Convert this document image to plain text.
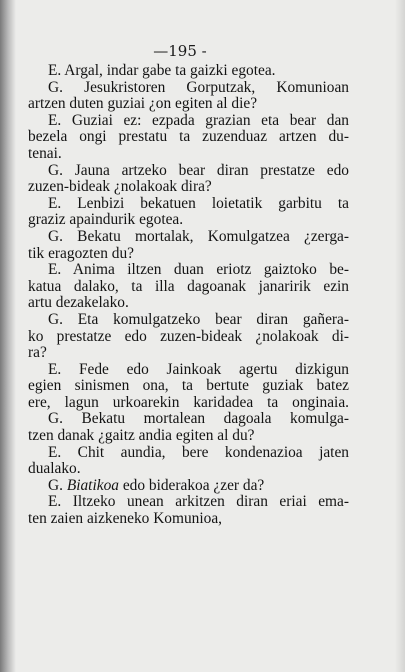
—195 -
E. Argal, indar gabe ta gaizki egotea.
G. Jesukristoren Gorputzak, Komunioan
artzen duten guziai ¿on egiten al die?
E. Guziai ez: ezpada grazian eta bear dan
bezela ongi prestatu ta zuzenduaz artzen du-
tenai.
G. Jauna artzeko bear diran prestatze edo
zuzen-bideak ¿nolakoak dira?
E. Lenbizi bekatuen loietatik garbitu ta
graziz apaindurik egotea.
G. Bekatu mortalak, Komulgatzea ¿zerga-
tik eragozten du?
E. Anima iltzen duan eriotz gaiztoko be-
katua dalako, ta illa dagoanak janaririk ezin
artu dezakelako.
G. Eta komulgatzeko bear diran gañera-
ko prestatze edo zuzen-bideak ¿nolakoak di-
ra?
E. Fede edo Jainkoak agertu dizkigun
egien sinismen ona, ta bertute guziak batez
ere, lagun urkoarekin karidadea ta onginaia.
G. Bekatu mortalean dagoala komulga-
tzen danak ¿gaitz andia egiten al du?
E. Chit aundia, bere kondenazioa jaten
dualako.
G. Biatikoa edo biderakoa ¿zer da?
E. Iltzeko unean arkitzen diran eriai ema-
ten zaien aizkeneko Komunioa,
